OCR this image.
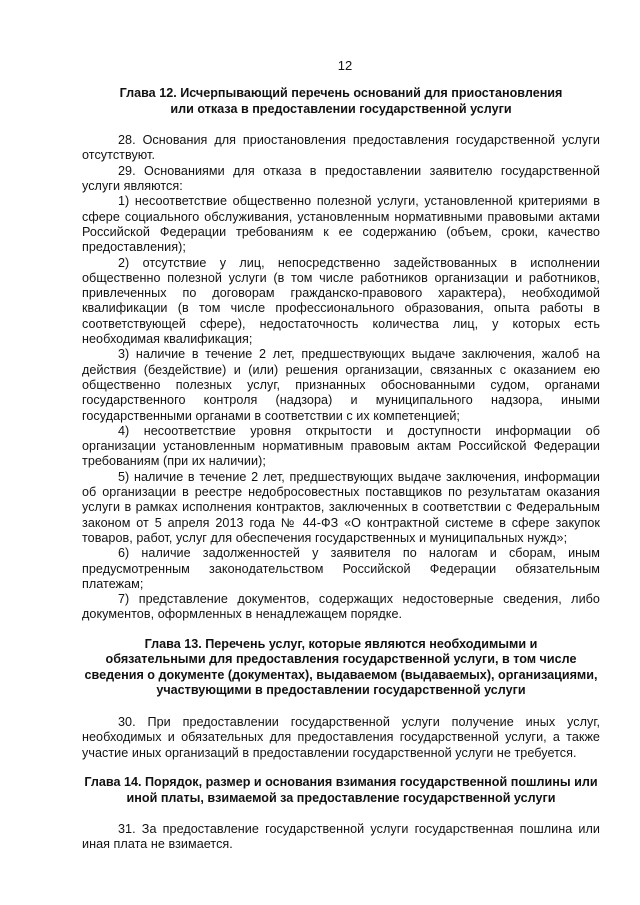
12
Глава 12. Исчерпывающий перечень оснований для приостановления
или отказа в предоставлении государственной услуги

28. Основания для приостановления предоставления государственной услуги отсутствуют.

29. Основаниями для отказа в предоставлении заявителю государственной услуги являются:

1) несоответствие общественно полезной услуги, установленной критериями в сфере социального обслуживания, установленным нормативными правовыми актами Российской Федерации требованиям к ее содержанию (объем, сроки, качество предоставления);

2) отсутствие у лиц, непосредственно задействованных в исполнении общественно полезной услуги (в том числе работников организации и работников, привлеченных по договорам гражданско-правового характера), необходимой квалификации (в том числе профессионального образования, опыта работы в соответствующей сфере), недостаточность количества лиц, у которых есть необходимая квалификация;

3) наличие в течение 2 лет, предшествующих выдаче заключения, жалоб на действия (бездействие) и (или) решения организации, связанных с оказанием ею общественно полезных услуг, признанных обоснованными судом, органами государственного контроля (надзора) и муниципального надзора, иными государственными органами в соответствии с их компетенцией;

4) несоответствие уровня открытости и доступности информации об организации установленным нормативным правовым актам Российской Федерации требованиям (при их наличии);

5) наличие в течение 2 лет, предшествующих выдаче заключения, информации об организации в реестре недобросовестных поставщиков по результатам оказания услуги в рамках исполнения контрактов, заключенных в соответствии с Федеральным законом от 5 апреля 2013 года № 44-ФЗ «О контрактной системе в сфере закупок товаров, работ, услуг для обеспечения государственных и муниципальных нужд»;

6) наличие задолженностей у заявителя по налогам и сборам, иным предусмотренным законодательством Российской Федерации обязательным платежам;

7) представление документов, содержащих недостоверные сведения, либо документов, оформленных в ненадлежащем порядке.

Глава 13. Перечень услуг, которые являются необходимыми и
обязательными для предоставления государственной услуги, в том числе
сведения о документе (документах), выдаваемом (выдаваемых), организациями,
участвующими в предоставлении государственной услуги

30. При предоставлении государственной услуги получение иных услуг, необходимых и обязательных для предоставления государственной услуги, а также участие иных организаций в предоставлении государственной услуги не требуется.

Глава 14. Порядок, размер и основания взимания государственной пошлины или
иной платы, взимаемой за предоставление государственной услуги

31. За предоставление государственной услуги государственная пошлина или иная плата не взимается.
